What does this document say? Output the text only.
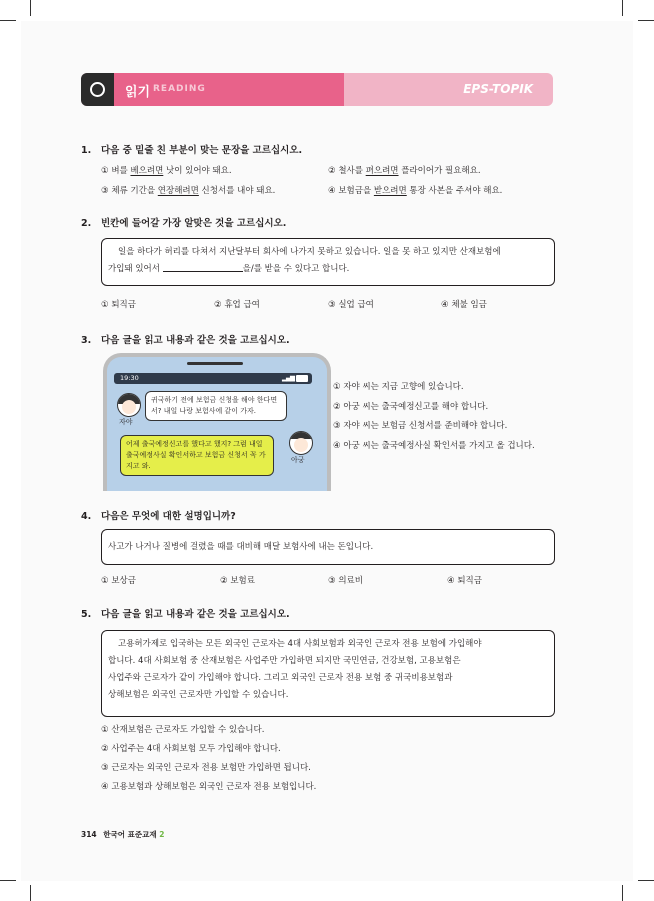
읽기 READING	EPS-TOPIK
1. 다음 중 밑줄 친 부분이 맞는 문장을 고르십시오.
① 벼를 베으려면 낫이 있어야 돼요.	② 철사를 펴으려면 플라이어가 필요해요.
③ 체류 기간을 연장해려면 신청서를 내야 돼요.	④ 보험금을 받으려면 통장 사본을 주셔야 해요.
2. 빈칸에 들어갈 가장 알맞은 것을 고르십시오.
일을 하다가 허리를 다쳐서 지난달부터 회사에 나가지 못하고 있습니다. 일을 못 하고 있지만 산재보험에
가입돼 있어서	을/를 받을 수 있다고 합니다.
① 퇴직금	② 휴업 급여	③ 실업 급여	④ 체불 임금
3. 다음 글을 읽고 내용과 같은 것을 고르십시오.
19:30	▂▄▆
자야
귀국하기 전에 보험금 신청을 해야 한다면서? 내일 나랑 보험사에 같이 가자.
어제 출국예정신고를 했다고 했지? 그럼 내일 출국예정사실 확인서하고 보험금 신청서 꼭 가지고 와.
아궁
① 자야 씨는 지금 고향에 있습니다.
② 아궁 씨는 출국예정신고를 해야 합니다.
③ 자야 씨는 보험금 신청서를 준비해야 합니다.
④ 아궁 씨는 출국예정사실 확인서를 가지고 올 겁니다.
4. 다음은 무엇에 대한 설명입니까?
사고가 나거나 질병에 걸렸을 때를 대비해 매달 보험사에 내는 돈입니다.
① 보상금	② 보험료	③ 의료비	④ 퇴직금
5. 다음 글을 읽고 내용과 같은 것을 고르십시오.
고용허가제로 입국하는 모든 외국인 근로자는 4대 사회보험과 외국인 근로자 전용 보험에 가입해야
합니다. 4대 사회보험 중 산재보험은 사업주만 가입하면 되지만 국민연금, 건강보험, 고용보험은
사업주와 근로자가 같이 가입해야 합니다. 그리고 외국인 근로자 전용 보험 중 귀국비용보험과
상해보험은 외국인 근로자만 가입할 수 있습니다.
① 산재보험은 근로자도 가입할 수 있습니다.
② 사업주는 4대 사회보험 모두 가입해야 합니다.
③ 근로자는 외국인 근로자 전용 보험만 가입하면 됩니다.
④ 고용보험과 상해보험은 외국인 근로자 전용 보험입니다.
314 한국어 표준교재 2
